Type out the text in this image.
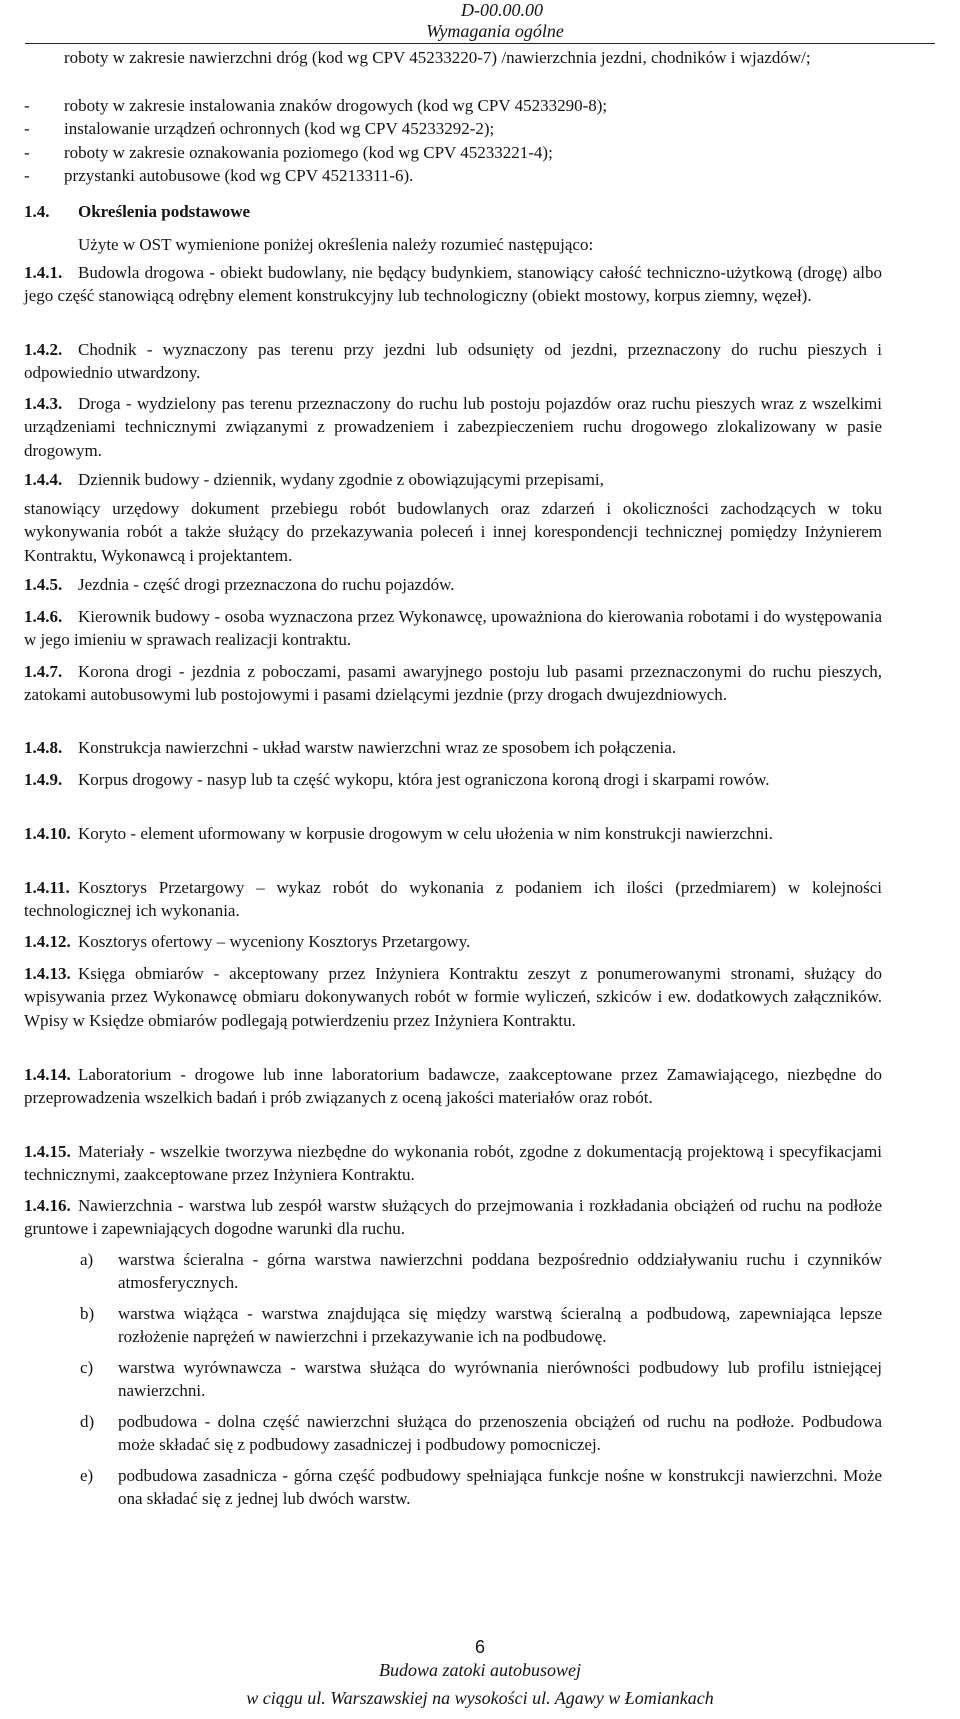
D-00.00.00
Wymagania ogólne
roboty w zakresie nawierzchni dróg (kod wg CPV 45233220-7) /nawierzchnia jezdni, chodników i wjazdów/;
- roboty w zakresie instalowania znaków drogowych (kod wg CPV 45233290-8);
- instalowanie urządzeń ochronnych (kod wg CPV 45233292-2);
- roboty w zakresie oznakowania poziomego (kod wg CPV 45233221-4);
- przystanki autobusowe (kod wg CPV 45213311-6).
1.4. Określenia podstawowe
Użyte w OST wymienione poniżej określenia należy rozumieć następująco:
1.4.1. Budowla drogowa - obiekt budowlany, nie będący budynkiem, stanowiący całość techniczno-użytkową (drogę) albo jego część stanowiącą odrębny element konstrukcyjny lub technologiczny (obiekt mostowy, korpus ziemny, węzeł).
1.4.2. Chodnik - wyznaczony pas terenu przy jezdni lub odsunięty od jezdni, przeznaczony do ruchu pieszych i odpowiednio utwardzony.
1.4.3. Droga - wydzielony pas terenu przeznaczony do ruchu lub postoju pojazdów oraz ruchu pieszych wraz z wszelkimi urządzeniami technicznymi związanymi z prowadzeniem i zabezpieczeniem ruchu drogowego zlokalizowany w pasie drogowym.
1.4.4. Dziennik budowy - dziennik, wydany zgodnie z obowiązującymi przepisami,
stanowiący urzędowy dokument przebiegu robót budowlanych oraz zdarzeń i okoliczności zachodzących w toku wykonywania robót a także służący do przekazywania poleceń i innej korespondencji technicznej pomiędzy Inżynierem Kontraktu, Wykonawcą i projektantem.
1.4.5. Jezdnia - część drogi przeznaczona do ruchu pojazdów.
1.4.6. Kierownik budowy - osoba wyznaczona przez Wykonawcę, upoważniona do kierowania robotami i do występowania w jego imieniu w sprawach realizacji kontraktu.
1.4.7. Korona drogi - jezdnia z poboczami, pasami awaryjnego postoju lub pasami przeznaczonymi do ruchu pieszych, zatokami autobusowymi lub postojowymi i pasami dzielącymi jezdnie (przy drogach dwujezdniowych.
1.4.8. Konstrukcja nawierzchni - układ warstw nawierzchni wraz ze sposobem ich połączenia.
1.4.9. Korpus drogowy - nasyp lub ta część wykopu, która jest ograniczona koroną drogi i skarpami rowów.
1.4.10. Koryto - element uformowany w korpusie drogowym w celu ułożenia w nim konstrukcji nawierzchni.
1.4.11. Kosztorys Przetargowy – wykaz robót do wykonania z podaniem ich ilości (przedmiarem) w kolejności technologicznej ich wykonania.
1.4.12. Kosztorys ofertowy – wyceniony Kosztorys Przetargowy.
1.4.13. Księga obmiarów - akceptowany przez Inżyniera Kontraktu zeszyt z ponumerowanymi stronami, służący do wpisywania przez Wykonawcę obmiaru dokonywanych robót w formie wyliczeń, szkiców i ew. dodatkowych załączników. Wpisy w Księdze obmiarów podlegają potwierdzeniu przez Inżyniera Kontraktu.
1.4.14. Laboratorium - drogowe lub inne laboratorium badawcze, zaakceptowane przez Zamawiającego, niezbędne do przeprowadzenia wszelkich badań i prób związanych z oceną jakości materiałów oraz robót.
1.4.15. Materiały - wszelkie tworzywa niezbędne do wykonania robót, zgodne z dokumentacją projektową i specyfikacjami technicznymi, zaakceptowane przez Inżyniera Kontraktu.
1.4.16. Nawierzchnia - warstwa lub zespół warstw służących do przejmowania i rozkładania obciążeń od ruchu na podłoże gruntowe i zapewniających dogodne warunki dla ruchu.
a)	warstwa ścieralna - górna warstwa nawierzchni poddana bezpośrednio oddziaływaniu ruchu i czynników atmosferycznych.
b)	warstwa wiążąca - warstwa znajdująca się między warstwą ścieralną a podbudową, zapewniająca lepsze rozłożenie naprężeń w nawierzchni i przekazywanie ich na podbudowę.
c)	warstwa wyrównawcza - warstwa służąca do wyrównania nierówności podbudowy lub profilu istniejącej nawierzchni.
d)	podbudowa - dolna część nawierzchni służąca do przenoszenia obciążeń od ruchu na podłoże. Podbudowa może składać się z podbudowy zasadniczej i podbudowy pomocniczej.
e)	podbudowa zasadnicza - górna część podbudowy spełniająca funkcje nośne w konstrukcji nawierzchni. Może ona składać się z jednej lub dwóch warstw.
6
Budowa zatoki autobusowej
w ciągu ul. Warszawskiej na wysokości ul. Agawy w Łomiankach
